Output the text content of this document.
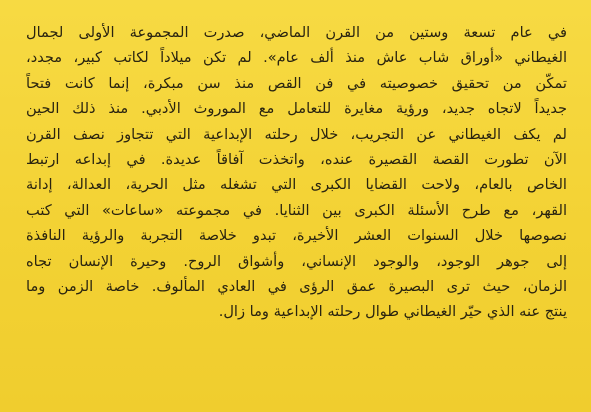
في عام تسعة وستين من القرن الماضي، صدرت المجموعة الأولى لجمال
الغيطاني «أوراق شاب عاش منذ ألف عام». لم تكن ميلاداً لكاتب كبير، مجدد،
تمكّن من تحقيق خصوصيته في فن القص منذ سن مبكرة، إنما كانت فتحاً
جديداً لاتجاه جديد، ورؤية مغايرة للتعامل مع الموروث الأدبي. منذ ذلك الحين
لم يكف الغيطاني عن التجريب، خلال رحلته الإبداعية التي تتجاوز نصف القرن
الآن تطورت القصة القصيرة عنده، واتخذت آفاقاً عديدة. في إبداعه ارتبط
الخاص بالعام، ولاحت القضايا الكبرى التي تشغله مثل الحرية، العدالة، إدانة
القهر، مع طرح الأسئلة الكبرى بين الثنايا. في مجموعته «ساعات» التي كتب
نصوصها خلال السنوات العشر الأخيرة، تبدو خلاصة التجربة والرؤية النافذة
إلى جوهر الوجود، والوجود الإنساني، وأشواق الروح. وحيرة الإنسان تجاه
الزمان، حيث ترى البصيرة عمق الرؤى في العادي المألوف. خاصة الزمن وما
ينتج عنه الذي حيّر الغيطاني طوال رحلته الإبداعية وما زال.
